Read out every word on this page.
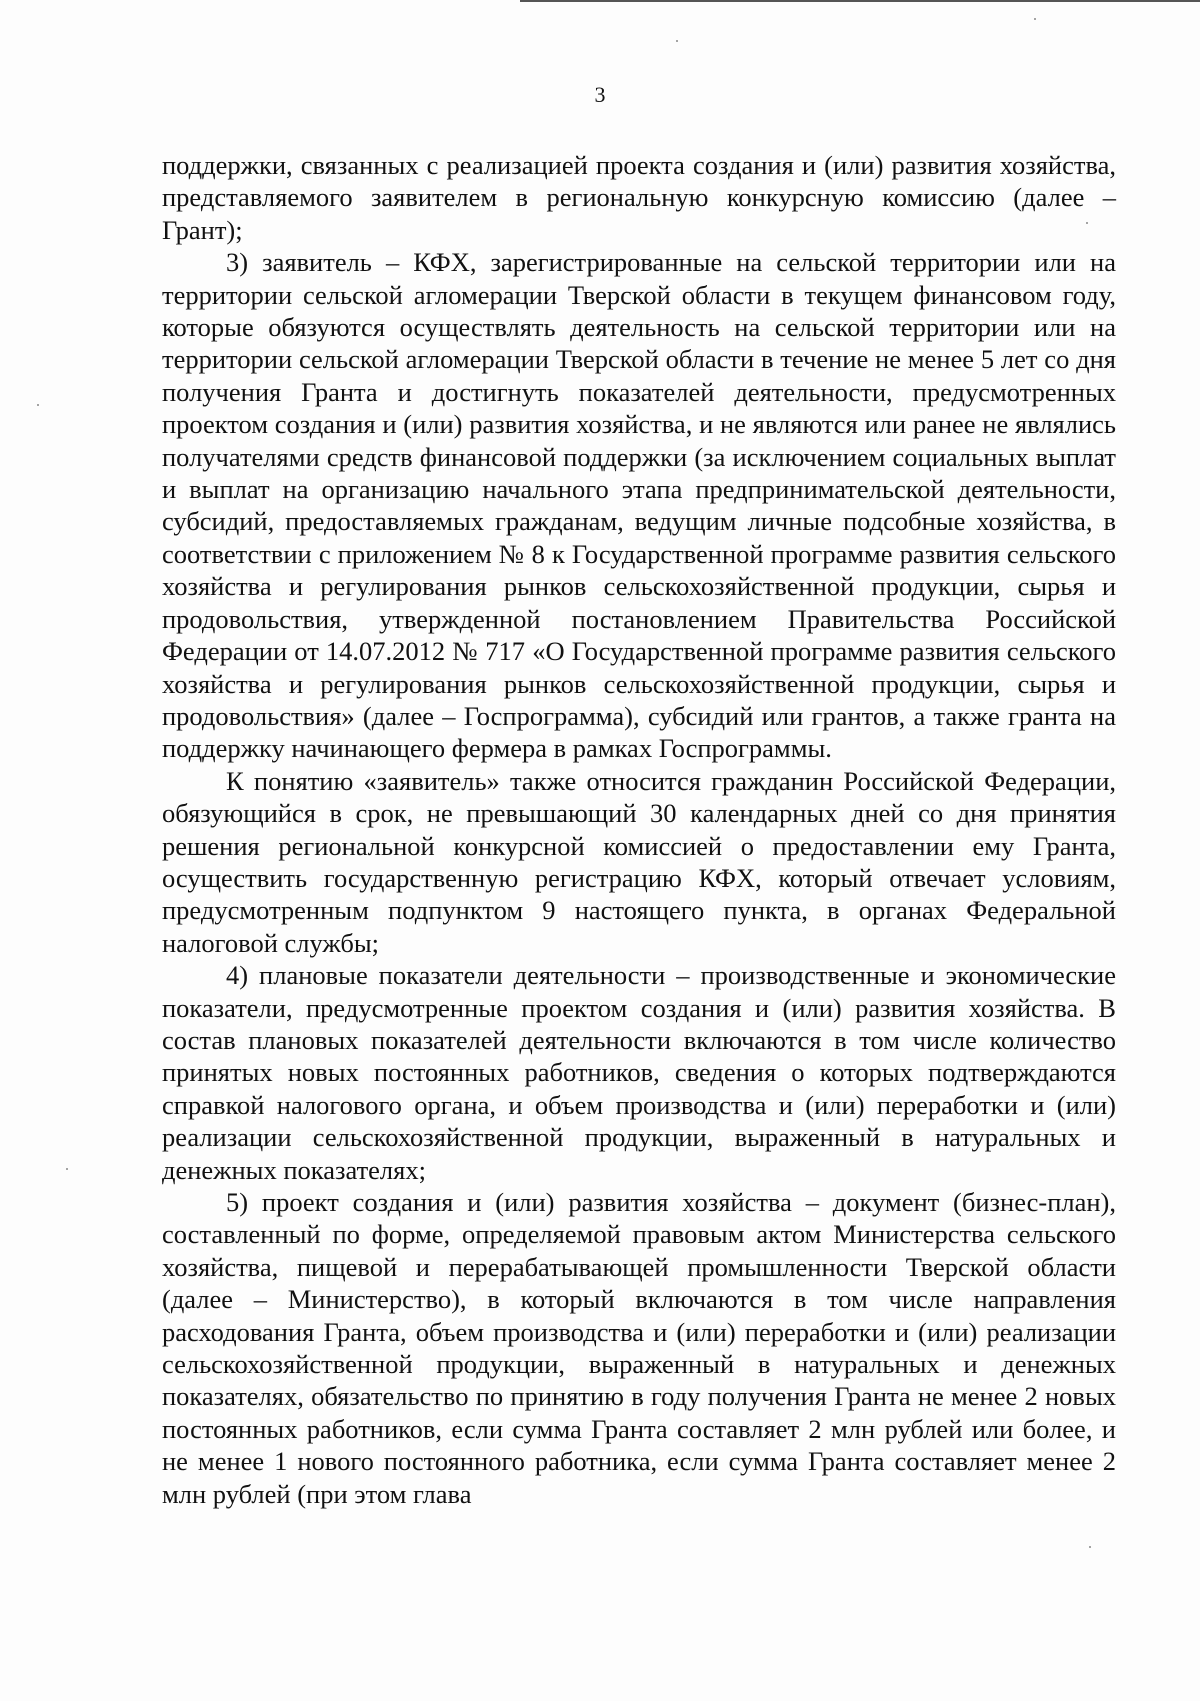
3

поддержки, связанных с реализацией проекта создания и (или) развития хозяйства, представляемого заявителем в региональную конкурсную комиссию (далее – Грант);

3) заявитель – КФХ, зарегистрированные на сельской территории или на территории сельской агломерации Тверской области в текущем финансовом году, которые обязуются осуществлять деятельность на сельской территории или на территории сельской агломерации Тверской области в течение не менее 5 лет со дня получения Гранта и достигнуть показателей деятельности, предусмотренных проектом создания и (или) развития хозяйства, и не являются или ранее не являлись получателями средств финансовой поддержки (за исключением социальных выплат и выплат на организацию начального этапа предпринимательской деятельности, субсидий, предоставляемых гражданам, ведущим личные подсобные хозяйства, в соответствии с приложением № 8 к Государственной программе развития сельского хозяйства и регулирования рынков сельскохозяйственной продукции, сырья и продовольствия, утвержденной постановлением Правительства Российской Федерации от 14.07.2012 № 717 «О Государственной программе развития сельского хозяйства и регулирования рынков сельскохозяйственной продукции, сырья и продовольствия» (далее – Госпрограмма), субсидий или грантов, а также гранта на поддержку начинающего фермера в рамках Госпрограммы.

К понятию «заявитель» также относится гражданин Российской Федерации, обязующийся в срок, не превышающий 30 календарных дней со дня принятия решения региональной конкурсной комиссией о предоставлении ему Гранта, осуществить государственную регистрацию КФХ, который отвечает условиям, предусмотренным подпунктом 9 настоящего пункта, в органах Федеральной налоговой службы;

4) плановые показатели деятельности – производственные и экономические показатели, предусмотренные проектом создания и (или) развития хозяйства. В состав плановых показателей деятельности включаются в том числе количество принятых новых постоянных работников, сведения о которых подтверждаются справкой налогового органа, и объем производства и (или) переработки и (или) реализации сельскохозяйственной продукции, выраженный в натуральных и денежных показателях;

5) проект создания и (или) развития хозяйства – документ (бизнес-план), составленный по форме, определяемой правовым актом Министерства сельского хозяйства, пищевой и перерабатывающей промышленности Тверской области (далее – Министерство), в который включаются в том числе направления расходования Гранта, объем производства и (или) переработки и (или) реализации сельскохозяйственной продукции, выраженный в натуральных и денежных показателях, обязательство по принятию в году получения Гранта не менее 2 новых постоянных работников, если сумма Гранта составляет 2 млн рублей или более, и не менее 1 нового постоянного работника, если сумма Гранта составляет менее 2 млн рублей (при этом глава
